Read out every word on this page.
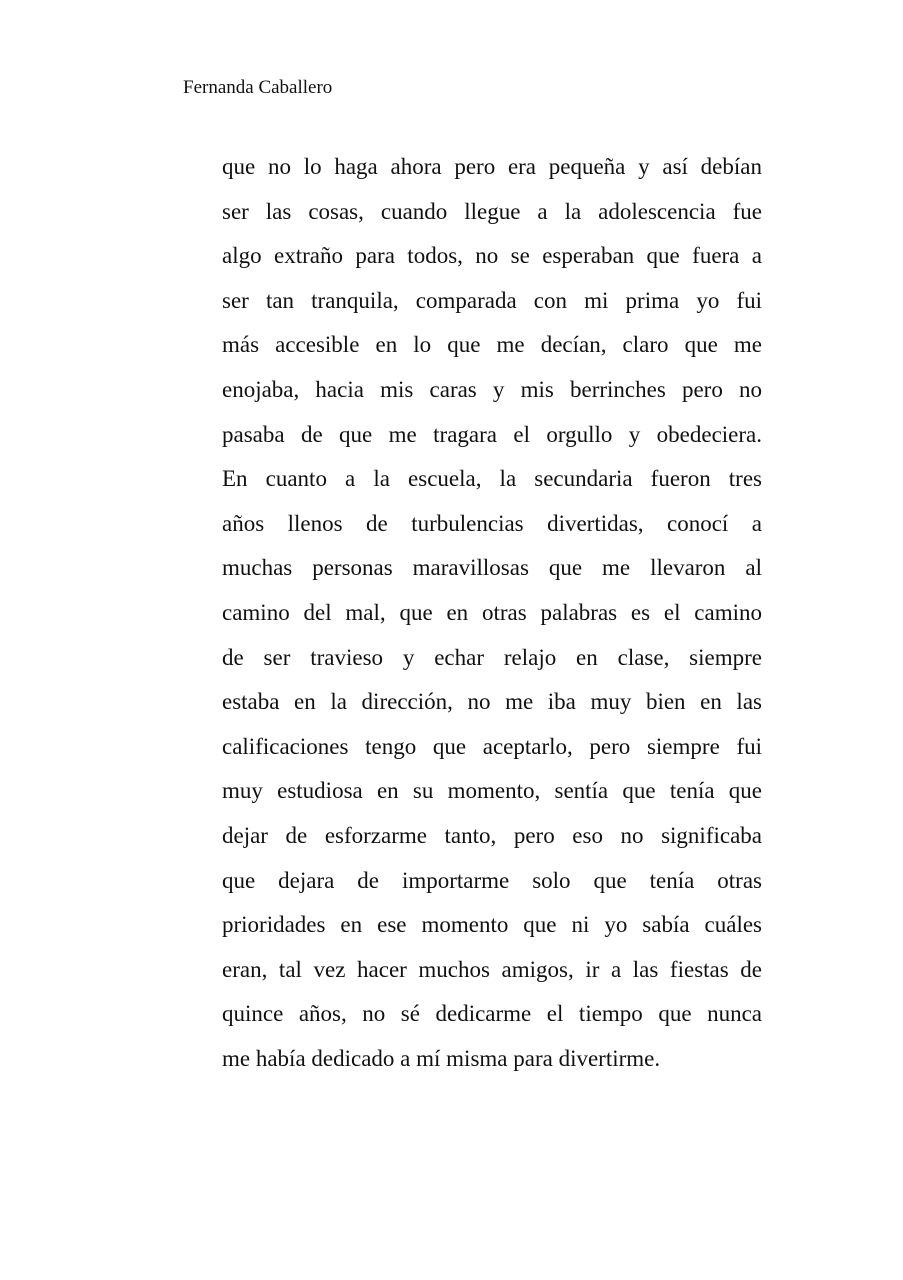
Fernanda Caballero

que no lo haga ahora pero era pequeña y así debían
ser las cosas, cuando llegue a la adolescencia fue
algo extraño para todos, no se esperaban que fuera a
ser tan tranquila, comparada con mi prima yo fui
más accesible en lo que me decían, claro que me
enojaba, hacia mis caras y mis berrinches pero no
pasaba de que me tragara el orgullo y obedeciera.
En cuanto a la escuela, la secundaria fueron tres
años llenos de turbulencias divertidas, conocí a
muchas personas maravillosas que me llevaron al
camino del mal, que en otras palabras es el camino
de ser travieso y echar relajo en clase, siempre
estaba en la dirección, no me iba muy bien en las
calificaciones tengo que aceptarlo, pero siempre fui
muy estudiosa en su momento, sentía que tenía que
dejar de esforzarme tanto, pero eso no significaba
que dejara de importarme solo que tenía otras
prioridades en ese momento que ni yo sabía cuáles
eran, tal vez hacer muchos amigos, ir a las fiestas de
quince años, no sé dedicarme el tiempo que nunca
me había dedicado a mí misma para divertirme.
